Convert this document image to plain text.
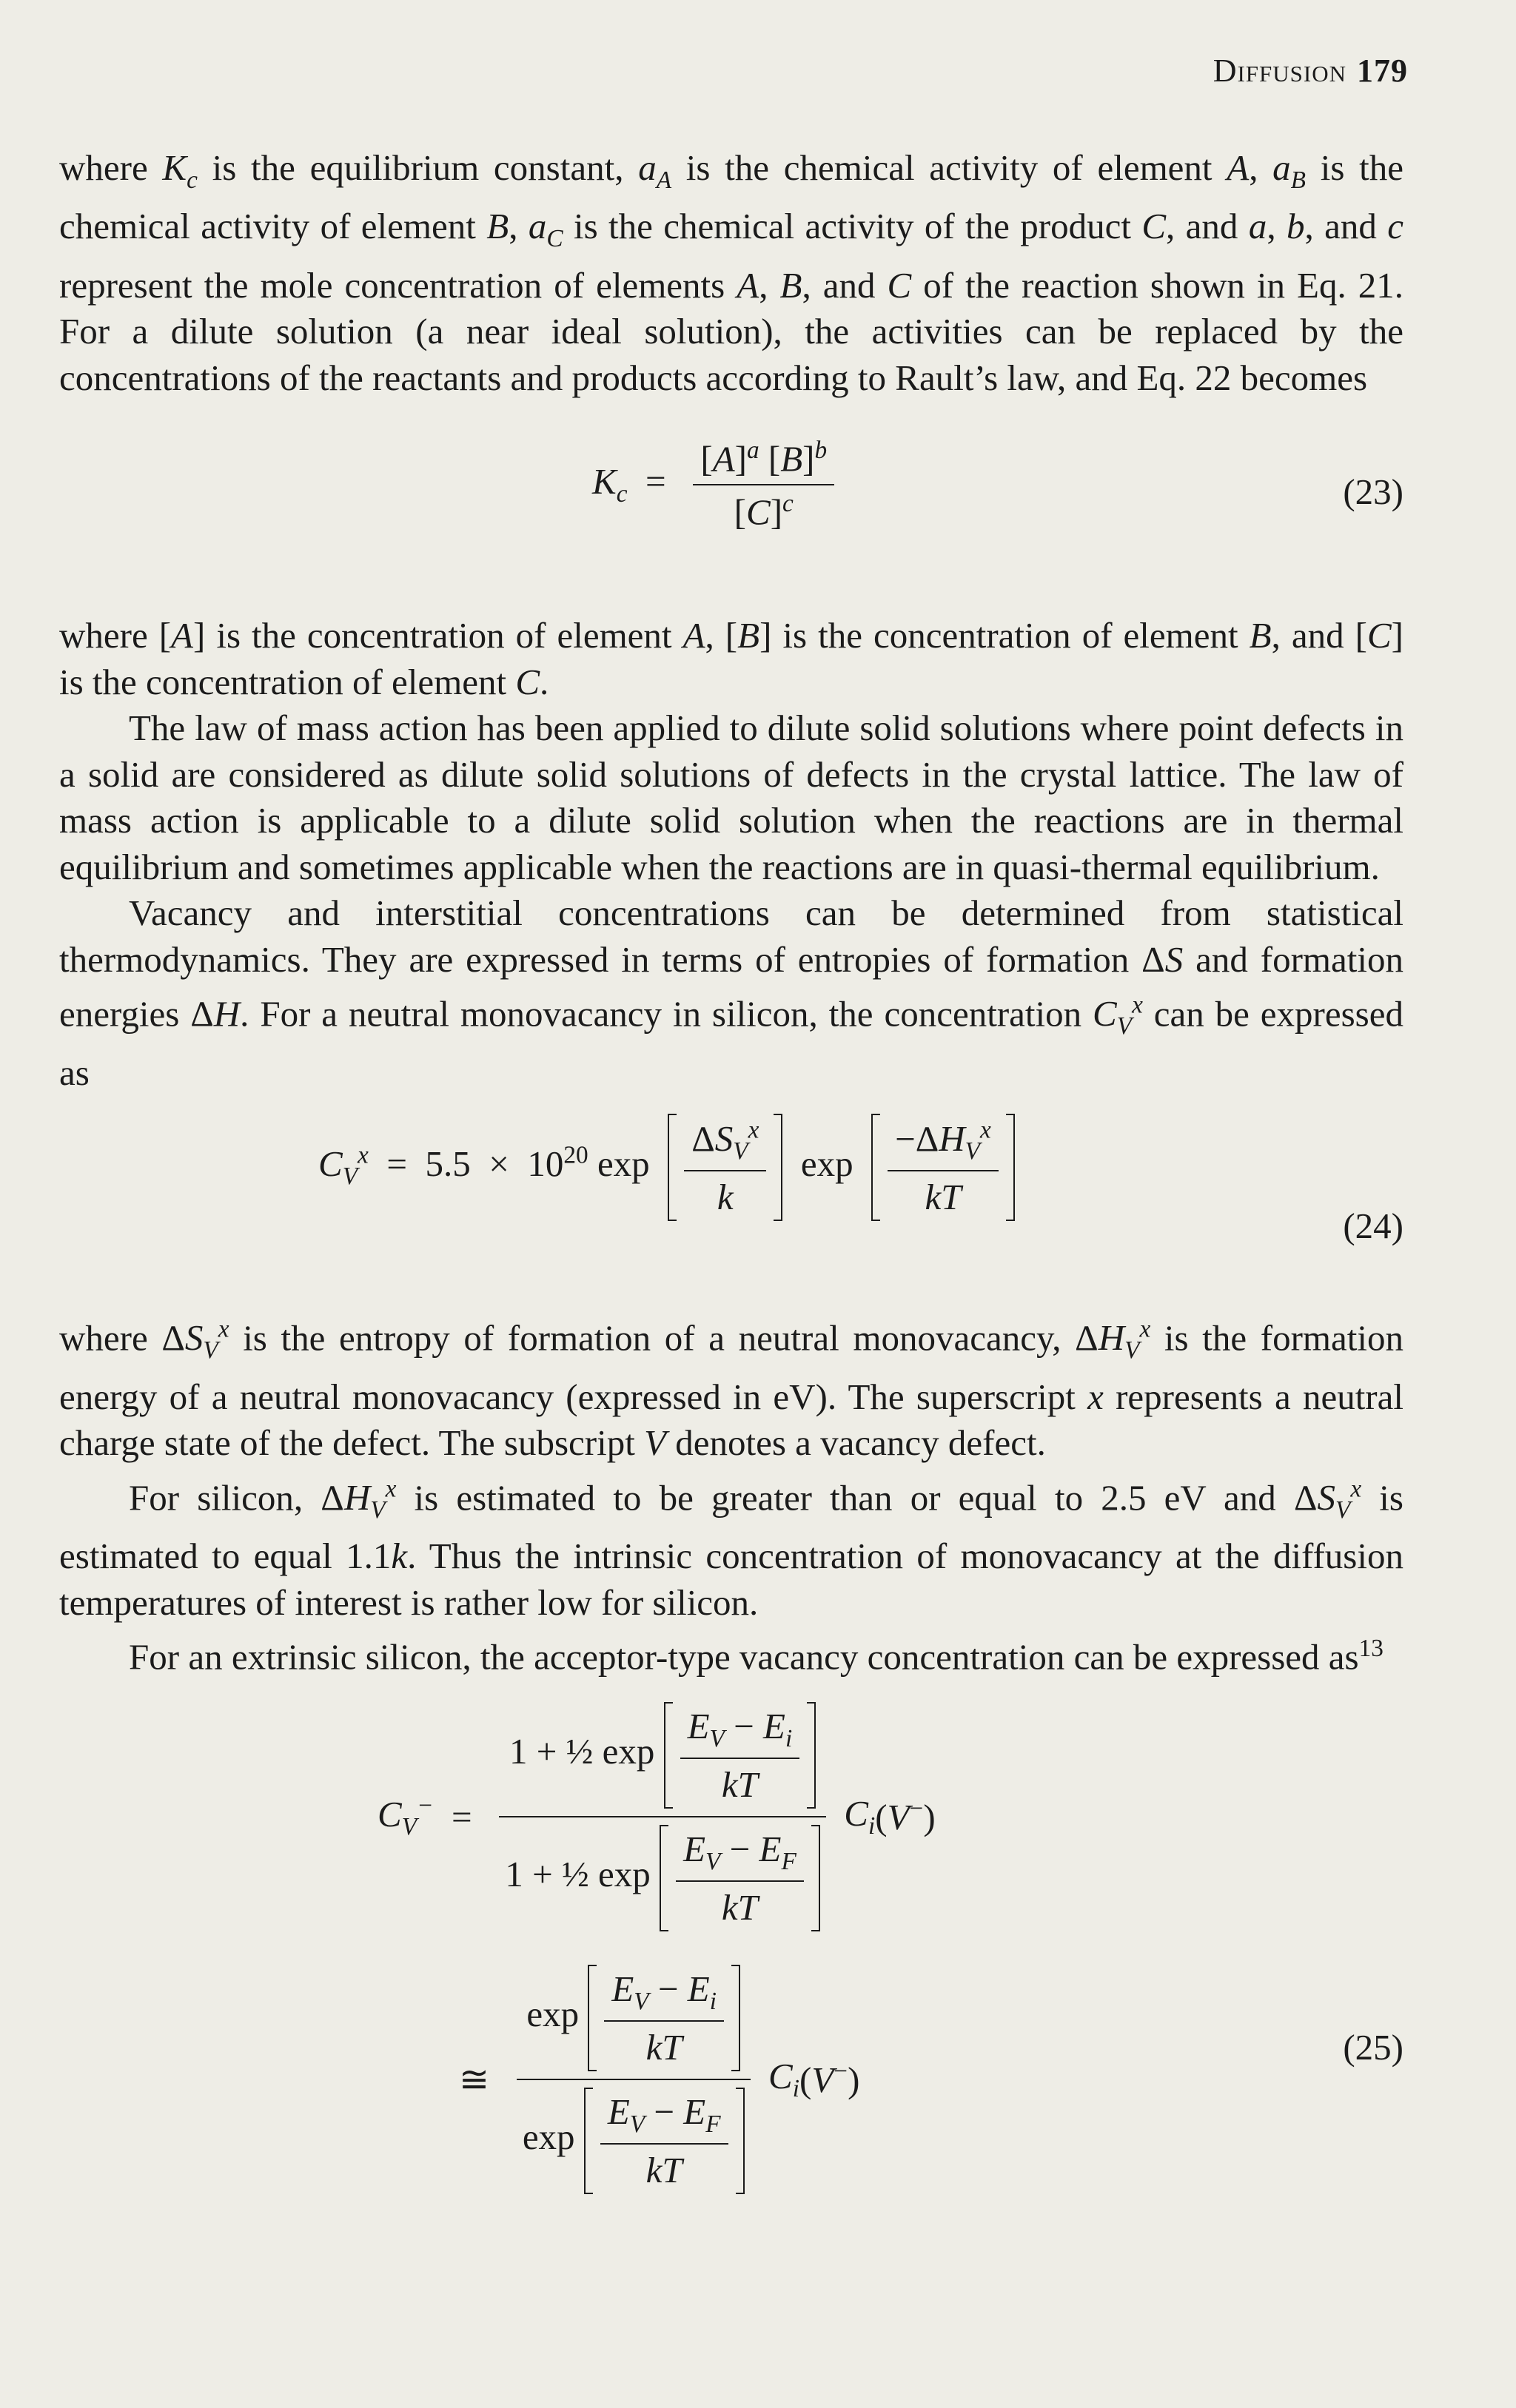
Diffusion 179

where $K_c$ is the equilibrium constant, $a_A$ is the chemical activity of element A, $a_B$ is the chemical activity of element B, $a_C$ is the chemical activity of the product C, and a, b, and c represent the mole concentration of elements A, B, and C of the reaction shown in Eq. 21. For a dilute solution (a near ideal solution), the activities can be replaced by the concentrations of the reactants and products according to Rault’s law, and Eq. 22 becomes

$K_c = \frac{[A]^a [B]^b}{[C]^c}$	(23)

where [A] is the concentration of element A, [B] is the concentration of element B, and [C] is the concentration of element C.

The law of mass action has been applied to dilute solid solutions where point defects in a solid are considered as dilute solid solutions of defects in the crystal lattice. The law of mass action is applicable to a dilute solid solution when the reactions are in thermal equilibrium and sometimes applicable when the reactions are in quasi-thermal equilibrium.

Vacancy and interstitial concentrations can be determined from statistical thermodynamics. They are expressed in terms of entropies of formation ΔS and formation energies ΔH. For a neutral monovacancy in silicon, the concentration $C_V^x$ can be expressed as

$C_V^x = 5.5 \times 10^{20}$ $\exp \frac{\Delta S_V^x}{k}$ $\exp \frac{-\Delta H_V^x}{kT}$
(24)

where $\Delta S_V^x$ is the entropy of formation of a neutral monovacancy, $\Delta H_V^x$ is the formation energy of a neutral monovacancy (expressed in eV). The superscript x represents a neutral charge state of the defect. The subscript V denotes a vacancy defect.

For silicon, $\Delta H_V^x$ is estimated to be greater than or equal to 2.5 eV and $\Delta S_V^x$ is estimated to equal 1.1k. Thus the intrinsic concentration of monovacancy at the diffusion temperatures of interest is rather low for silicon.

For an extrinsic silicon, the acceptor-type vacancy concentration can be expressed $as^{13}$

$C_V^- = \frac{1 + \frac{1}{2} \exp \frac{E_V - E_i}{kT}}{1 + \frac{1}{2} \exp \frac{E_V - E_F}{kT}} C_i(V^-)$
≅ $\frac{\exp \frac{E_V - E_i}{kT}}{\exp \frac{E_V - E_F}{kT}} C_i(V^-)$
(25)
